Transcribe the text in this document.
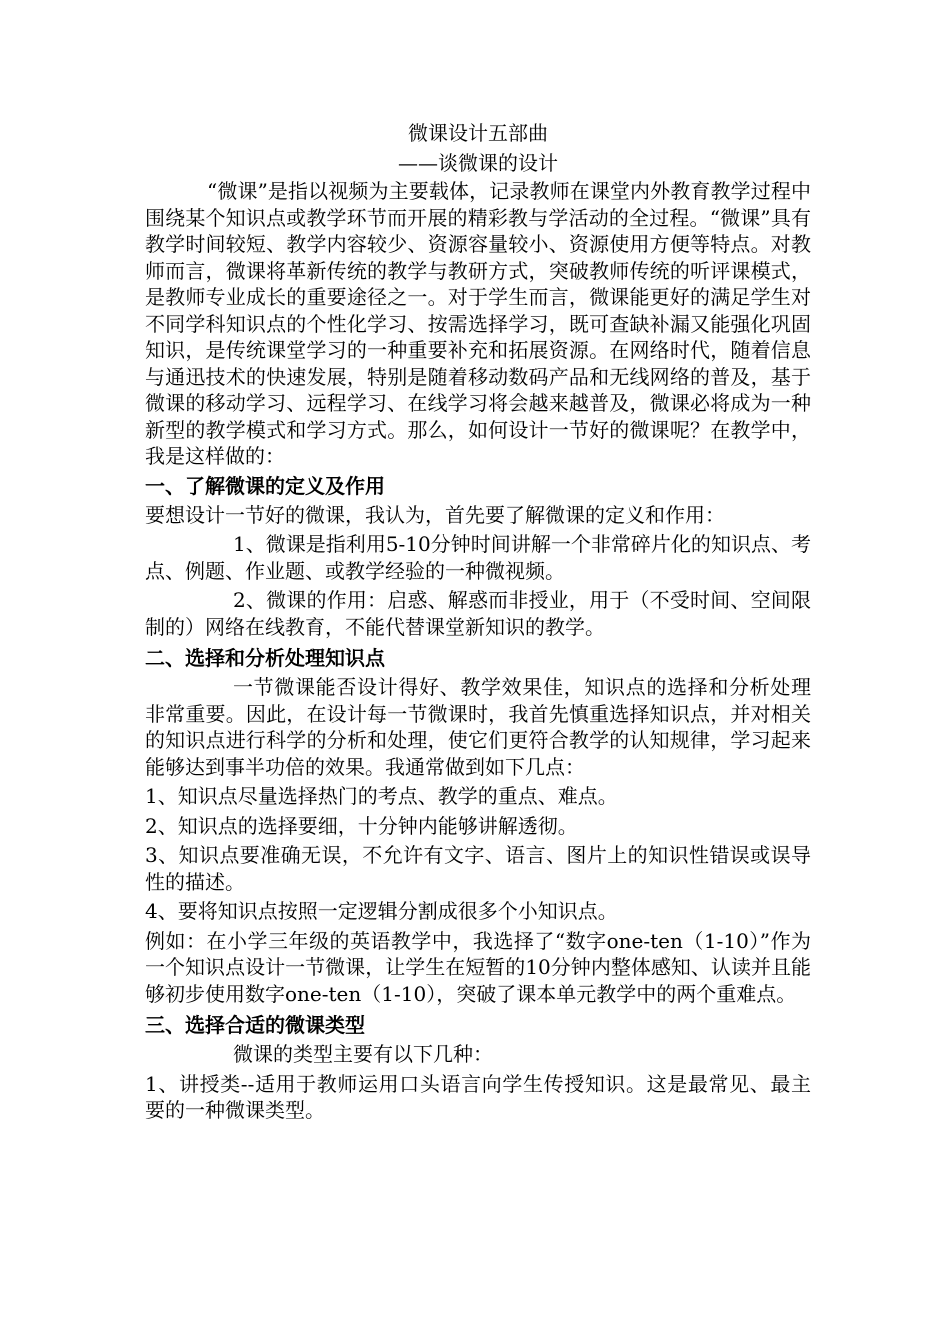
微课设计五部曲
——谈微课的设计

“微课”是指以视频为主要载体，记录教师在课堂内外教育教学过程中围绕某个知识点或教学环节而开展的精彩教与学活动的全过程。“微课”具有教学时间较短、教学内容较少、资源容量较小、资源使用方便等特点。对教师而言，微课将革新传统的教学与教研方式，突破教师传统的听评课模式，是教师专业成长的重要途径之一。对于学生而言，微课能更好的满足学生对不同学科知识点的个性化学习、按需选择学习，既可查缺补漏又能强化巩固知识，是传统课堂学习的一种重要补充和拓展资源。在网络时代，随着信息与通迅技术的快速发展，特别是随着移动数码产品和无线网络的普及，基于微课的移动学习、远程学习、在线学习将会越来越普及，微课必将成为一种新型的教学模式和学习方式。那么，如何设计一节好的微课呢？在教学中，我是这样做的：

一、了解微课的定义及作用

要想设计一节好的微课，我认为，首先要了解微课的定义和作用：

1、微课是指利用5-10分钟时间讲解一个非常碎片化的知识点、考点、例题、作业题、或教学经验的一种微视频。

2、微课的作用：启惑、解惑而非授业，用于（不受时间、空间限制的）网络在线教育，不能代替课堂新知识的教学。

二、选择和分析处理知识点

一节微课能否设计得好、教学效果佳，知识点的选择和分析处理非常重要。因此，在设计每一节微课时，我首先慎重选择知识点，并对相关的知识点进行科学的分析和处理，使它们更符合教学的认知规律，学习起来能够达到事半功倍的效果。我通常做到如下几点：

1、知识点尽量选择热门的考点、教学的重点、难点。

2、知识点的选择要细，十分钟内能够讲解透彻。

3、知识点要准确无误，不允许有文字、语言、图片上的知识性错误或误导性的描述。

4、要将知识点按照一定逻辑分割成很多个小知识点。

例如：在小学三年级的英语教学中，我选择了“数字one-ten（1-10）”作为一个知识点设计一节微课，让学生在短暂的10分钟内整体感知、认读并且能够初步使用数字one-ten（1-10），突破了课本单元教学中的两个重难点。

三、选择合适的微课类型

微课的类型主要有以下几种：

1、讲授类--适用于教师运用口头语言向学生传授知识。这是最常见、最主要的一种微课类型。
